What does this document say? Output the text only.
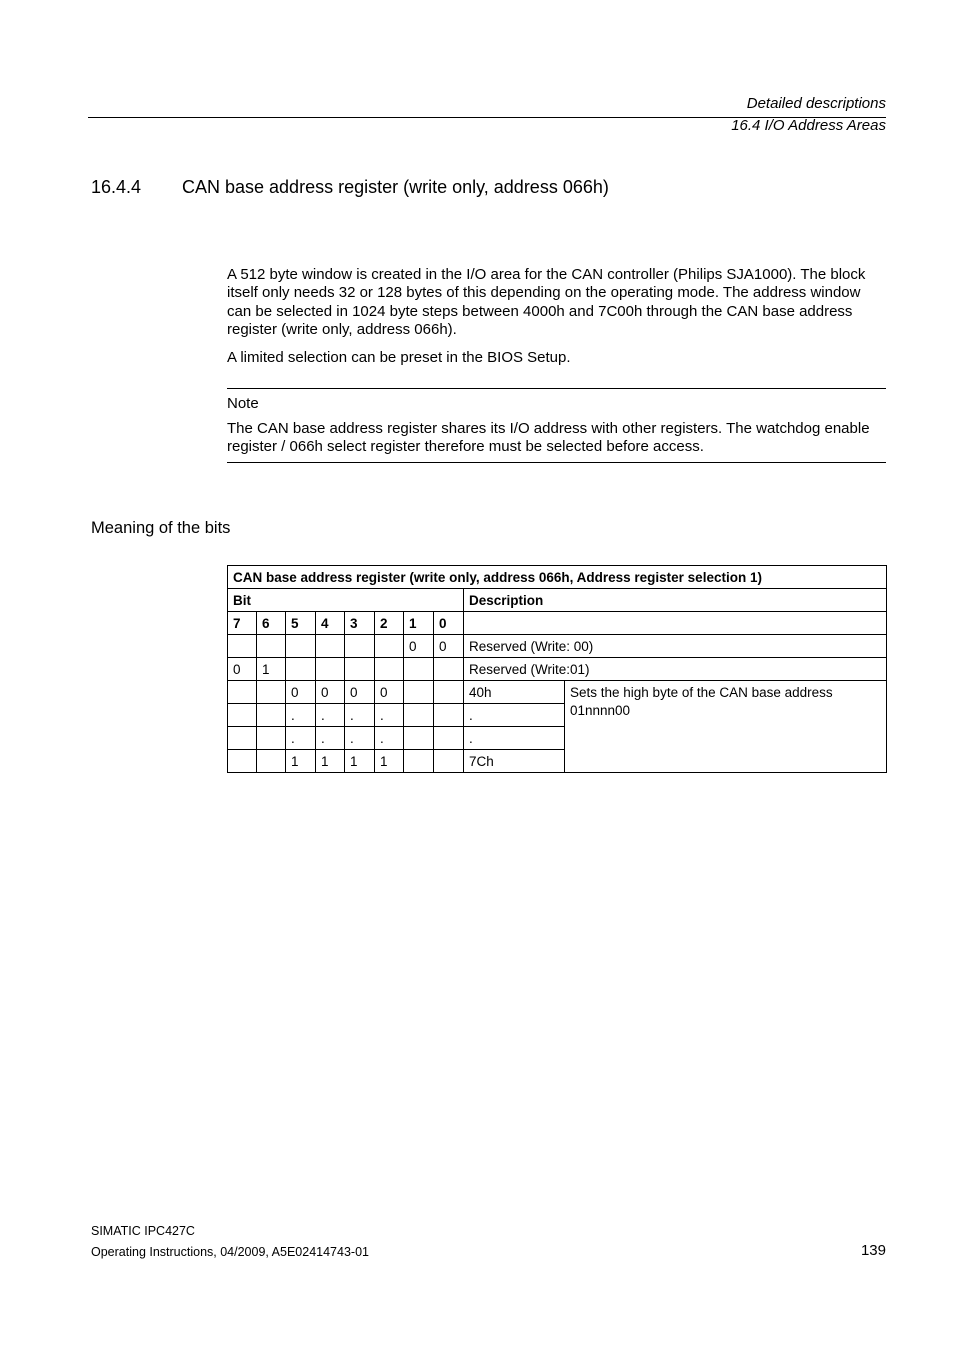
Detailed descriptions
16.4 I/O Address Areas
16.4.4 CAN base address register (write only, address 066h)
A 512 byte window is created in the I/O area for the CAN controller (Philips SJA1000). The block itself only needs 32 or 128 bytes of this depending on the operating mode. The address window can be selected in 1024 byte steps between 4000h and 7C00h through the CAN base address register (write only, address 066h).
A limited selection can be preset in the BIOS Setup.
Note
The CAN base address register shares its I/O address with other registers. The watchdog enable register / 066h select register therefore must be selected before access.
Meaning of the bits
CAN base address register (write only, address 066h, Address register selection 1)									
Bit								Description	
7	6	5	4	3	2	1	0		
						0	0	Reserved (Write: 00)	
0	1							Reserved (Write:01)	
		0	0	0	0			40h	Sets the high byte of the CAN base address 01nnnn00
		.	.	.	.			.	
		.	.	.	.			.	
		1	1	1	1			7Ch	
SIMATIC IPC427C
Operating Instructions, 04/2009, A5E02414743-01	139
